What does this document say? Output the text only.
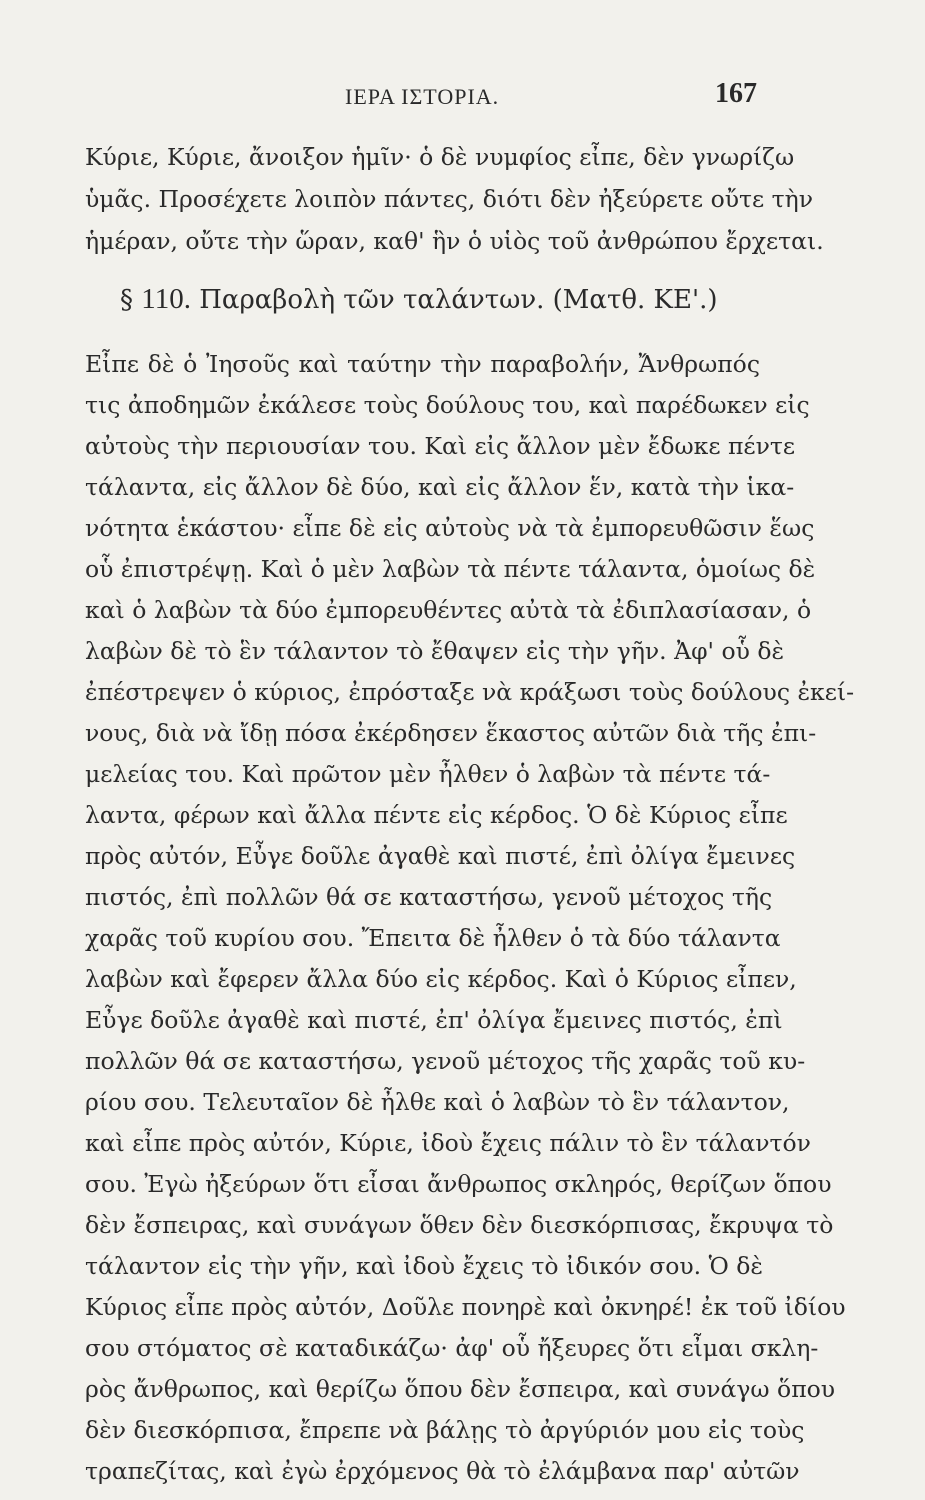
ΙΕΡΑ ΙΣΤΟΡΙΑ.	167
Κύριε, Κύριε, ἄνοιξον ἡμῖν· ὁ δὲ νυμφίος εἶπε, δὲν γνωρίζω
ὑμᾶς. Προσέχετε λοιπὸν πάντες, διότι δὲν ἠξεύρετε οὔτε τὴν
ἡμέραν, οὔτε τὴν ὥραν, καθ' ἣν ὁ υἱὸς τοῦ ἀνθρώπου ἔρχεται.
§ 110. Παραβολὴ τῶν ταλάντων. (Ματθ. ΚΕ'.)
Εἶπε δὲ ὁ Ἰησοῦς καὶ ταύτην τὴν παραβολήν, Ἄνθρωπός
τις ἀποδημῶν ἐκάλεσε τοὺς δούλους του, καὶ παρέδωκεν εἰς
αὐτοὺς τὴν περιουσίαν του. Καὶ εἰς ἄλλον μὲν ἔδωκε πέντε
τάλαντα, εἰς ἄλλον δὲ δύο, καὶ εἰς ἄλλον ἕν, κατὰ τὴν ἱκα-
νότητα ἑκάστου· εἶπε δὲ εἰς αὐτοὺς νὰ τὰ ἐμπορευθῶσιν ἕως
οὗ ἐπιστρέψῃ. Καὶ ὁ μὲν λαβὼν τὰ πέντε τάλαντα, ὁμοίως δὲ
καὶ ὁ λαβὼν τὰ δύο ἐμπορευθέντες αὐτὰ τὰ ἐδιπλασίασαν, ὁ
λαβὼν δὲ τὸ ἓν τάλαντον τὸ ἔθαψεν εἰς τὴν γῆν. Ἀφ' οὗ δὲ
ἐπέστρεψεν ὁ κύριος, ἐπρόσταξε νὰ κράξωσι τοὺς δούλους ἐκεί-
νους, διὰ νὰ ἴδῃ πόσα ἐκέρδησεν ἕκαστος αὐτῶν διὰ τῆς ἐπι-
μελείας του. Καὶ πρῶτον μὲν ἦλθεν ὁ λαβὼν τὰ πέντε τά-
λαντα, φέρων καὶ ἄλλα πέντε εἰς κέρδος. Ὁ δὲ Κύριος εἶπε
πρὸς αὐτόν, Εὖγε δοῦλε ἀγαθὲ καὶ πιστέ, ἐπὶ ὀλίγα ἔμεινες
πιστός, ἐπὶ πολλῶν θά σε καταστήσω, γενοῦ μέτοχος τῆς
χαρᾶς τοῦ κυρίου σου. Ἔπειτα δὲ ἦλθεν ὁ τὰ δύο τάλαντα
λαβὼν καὶ ἔφερεν ἄλλα δύο εἰς κέρδος. Καὶ ὁ Κύριος εἶπεν,
Εὖγε δοῦλε ἀγαθὲ καὶ πιστέ, ἐπ' ὀλίγα ἔμεινες πιστός, ἐπὶ
πολλῶν θά σε καταστήσω, γενοῦ μέτοχος τῆς χαρᾶς τοῦ κυ-
ρίου σου. Τελευταῖον δὲ ἦλθε καὶ ὁ λαβὼν τὸ ἓν τάλαντον,
καὶ εἶπε πρὸς αὐτόν, Κύριε, ἰδοὺ ἔχεις πάλιν τὸ ἓν τάλαντόν
σου. Ἐγὼ ἠξεύρων ὅτι εἶσαι ἄνθρωπος σκληρός, θερίζων ὅπου
δὲν ἔσπειρας, καὶ συνάγων ὅθεν δὲν διεσκόρπισας, ἔκρυψα τὸ
τάλαντον εἰς τὴν γῆν, καὶ ἰδοὺ ἔχεις τὸ ἰδικόν σου. Ὁ δὲ
Κύριος εἶπε πρὸς αὐτόν, Δοῦλε πονηρὲ καὶ ὀκνηρέ! ἐκ τοῦ ἰδίου
σου στόματος σὲ καταδικάζω· ἀφ' οὗ ἤξευρες ὅτι εἶμαι σκλη-
ρὸς ἄνθρωπος, καὶ θερίζω ὅπου δὲν ἔσπειρα, καὶ συνάγω ὅπου
δὲν διεσκόρπισα, ἔπρεπε νὰ βάλῃς τὸ ἀργύριόν μου εἰς τοὺς
τραπεζίτας, καὶ ἐγὼ ἐρχόμενος θὰ τὸ ἐλάμβανα παρ' αὐτῶν
